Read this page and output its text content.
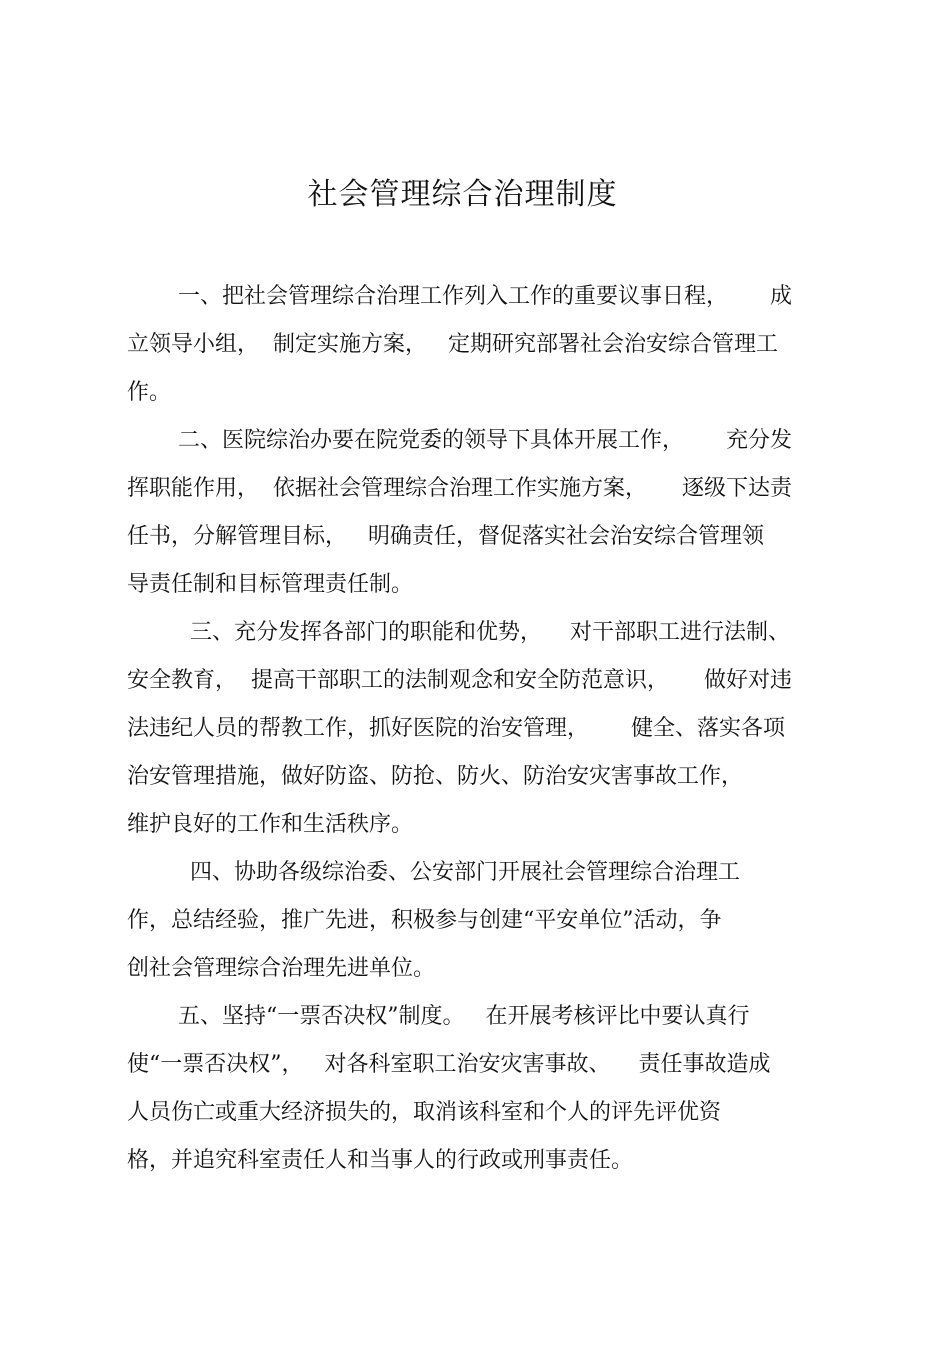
社会管理综合治理制度

一、把社会管理综合治理工作列入工作的重要议事日程，      成

立领导小组，  制定实施方案，   定期研究部署社会治安综合管理工

作。

二、医院综治办要在院党委的领导下具体开展工作，      充分发

挥职能作用，  依据社会管理综合治理工作实施方案，     逐级下达责

任书，分解管理目标，   明确责任，督促落实社会治安综合管理领

导责任制和目标管理责任制。

三、充分发挥各部门的职能和优势，    对干部职工进行法制、

安全教育，  提高干部职工的法制观念和安全防范意识，     做好对违

法违纪人员的帮教工作，抓好医院的治安管理，      健全、落实各项

治安管理措施，做好防盗、防抢、防火、防治安灾害事故工作，

维护良好的工作和生活秩序。

四、协助各级综治委、公安部门开展社会管理综合治理工

作，总结经验，推广先进，积极参与创建“平安单位”活动，争

创社会管理综合治理先进单位。

五、坚持“一票否决权”制度。   在开展考核评比中要认真行

使“一票否决权”，   对各科室职工治安灾害事故、    责任事故造成

人员伤亡或重大经济损失的，取消该科室和个人的评先评优资

格，并追究科室责任人和当事人的行政或刑事责任。
